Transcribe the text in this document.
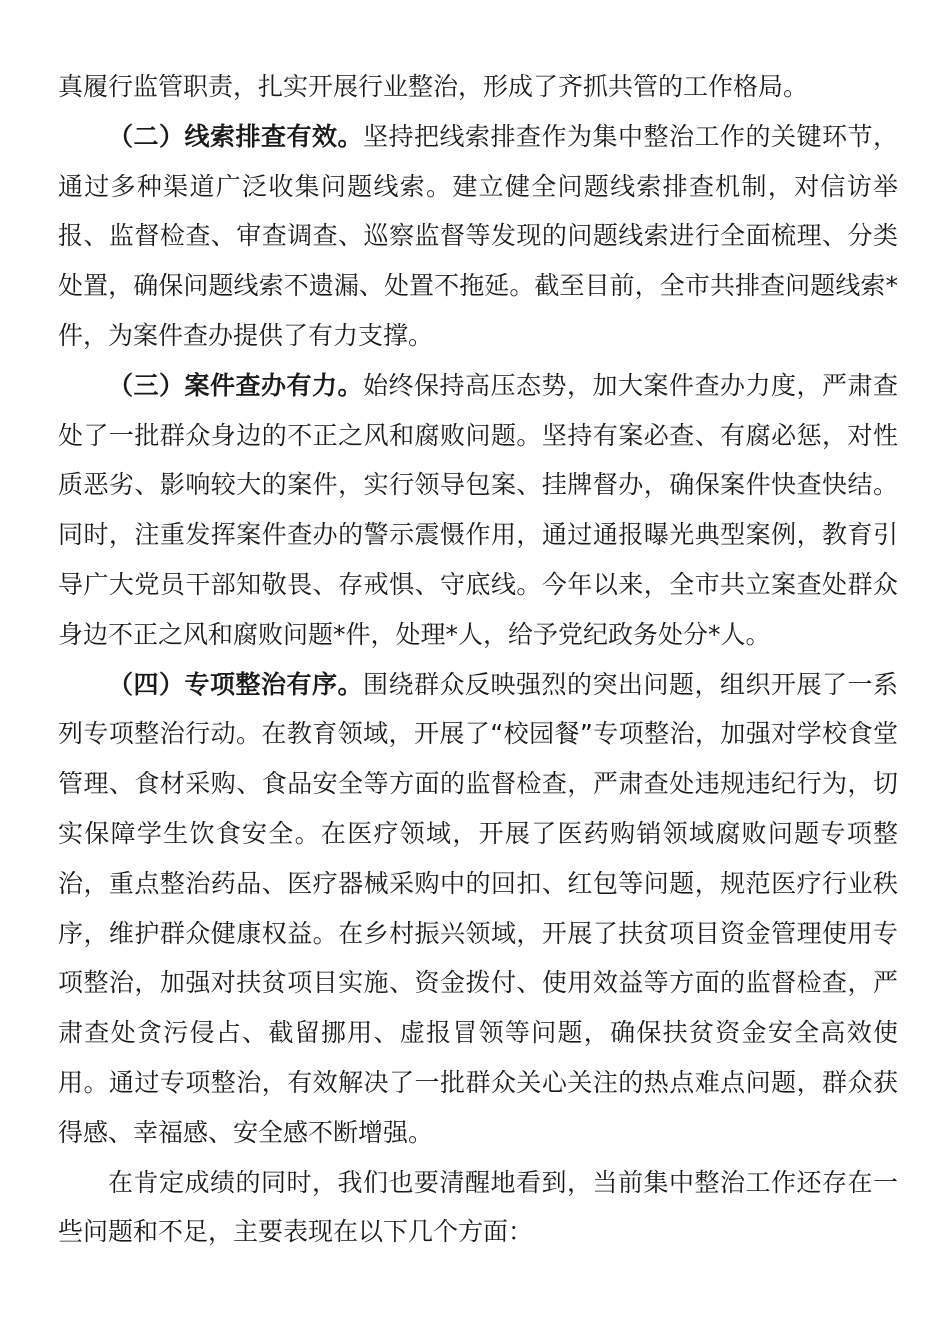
真履行监管职责，扎实开展行业整治，形成了齐抓共管的工作格局。

（二）线索排查有效。坚持把线索排查作为集中整治工作的关键环节，通过多种渠道广泛收集问题线索。建立健全问题线索排查机制，对信访举报、监督检查、审查调查、巡察监督等发现的问题线索进行全面梳理、分类处置，确保问题线索不遗漏、处置不拖延。截至目前，全市共排查问题线索*件，为案件查办提供了有力支撑。

（三）案件查办有力。始终保持高压态势，加大案件查办力度，严肃查处了一批群众身边的不正之风和腐败问题。坚持有案必查、有腐必惩，对性质恶劣、影响较大的案件，实行领导包案、挂牌督办，确保案件快查快结。同时，注重发挥案件查办的警示震慑作用，通过通报曝光典型案例，教育引导广大党员干部知敬畏、存戒惧、守底线。今年以来，全市共立案查处群众身边不正之风和腐败问题*件，处理*人，给予党纪政务处分*人。

（四）专项整治有序。围绕群众反映强烈的突出问题，组织开展了一系列专项整治行动。在教育领域，开展了“校园餐”专项整治，加强对学校食堂管理、食材采购、食品安全等方面的监督检查，严肃查处违规违纪行为，切实保障学生饮食安全。在医疗领域，开展了医药购销领域腐败问题专项整治，重点整治药品、医疗器械采购中的回扣、红包等问题，规范医疗行业秩序，维护群众健康权益。在乡村振兴领域，开展了扶贫项目资金管理使用专项整治，加强对扶贫项目实施、资金拨付、使用效益等方面的监督检查，严肃查处贪污侵占、截留挪用、虚报冒领等问题，确保扶贫资金安全高效使用。通过专项整治，有效解决了一批群众关心关注的热点难点问题，群众获得感、幸福感、安全感不断增强。

在肯定成绩的同时，我们也要清醒地看到，当前集中整治工作还存在一些问题和不足，主要表现在以下几个方面：
